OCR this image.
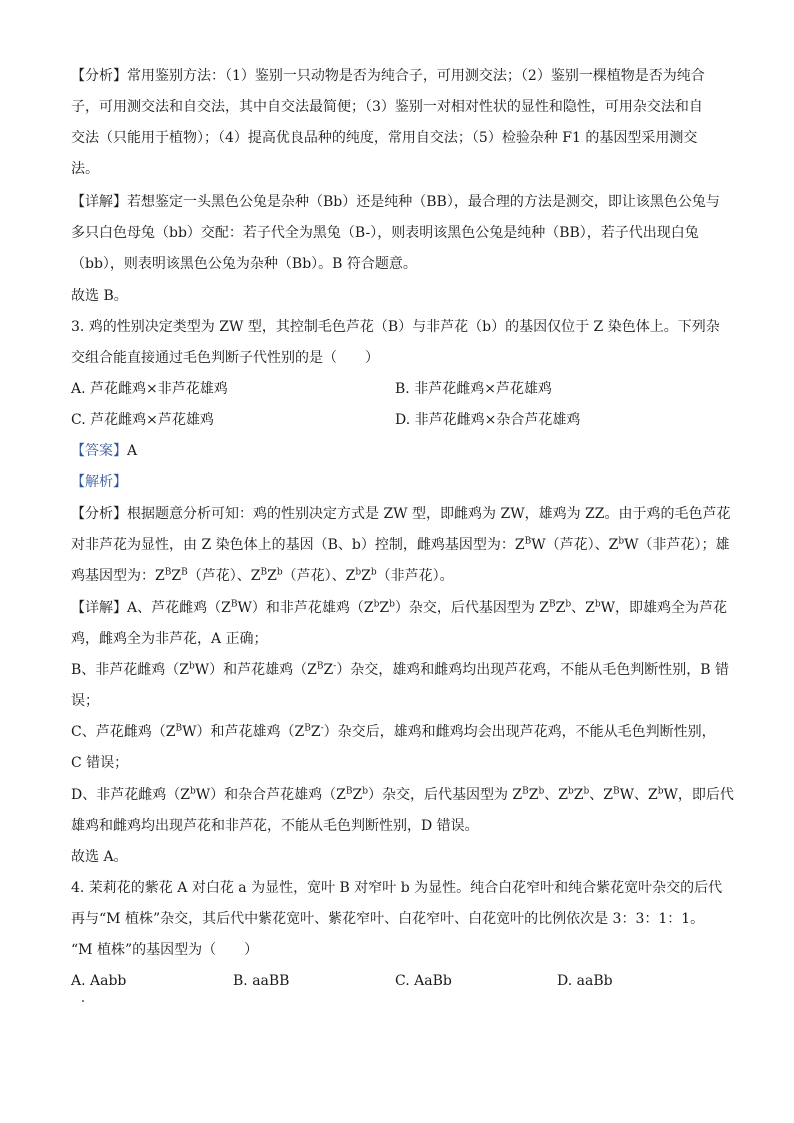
【分析】常用鉴别方法：（1）鉴别一只动物是否为纯合子，可用测交法；（2）鉴别一棵植物是否为纯合
子，可用测交法和自交法，其中自交法最简便；（3）鉴别一对相对性状的显性和隐性，可用杂交法和自
交法（只能用于植物）；（4）提高优良品种的纯度，常用自交法；（5）检验杂种 F1 的基因型采用测交
法。
【详解】若想鉴定一头黑色公兔是杂种（Bb）还是纯种（BB），最合理的方法是测交，即让该黑色公兔与
多只白色母兔（bb）交配：若子代全为黑兔（B-），则表明该黑色公兔是纯种（BB），若子代出现白兔
（bb），则表明该黑色公兔为杂种（Bb）。B 符合题意。
故选 B。
3. 鸡的性别决定类型为 ZW 型，其控制毛色芦花（B）与非芦花（b）的基因仅位于 Z 染色体上。下列杂
交组合能直接通过毛色判断子代性别的是（　　）
A. 芦花雌鸡×非芦花雄鸡	B. 非芦花雌鸡×芦花雄鸡
C. 芦花雌鸡×芦花雄鸡	D. 非芦花雌鸡×杂合芦花雄鸡
【答案】A
【解析】
【分析】根据题意分析可知：鸡的性别决定方式是 ZW 型，即雌鸡为 ZW，雄鸡为 ZZ。由于鸡的毛色芦花
对非芦花为显性，由 Z 染色体上的基因（B、b）控制，雌鸡基因型为：$Z^BW$（芦花）、$Z^bW$（非芦花）；雄
鸡基因型为：$Z^BZ^B$（芦花）、$Z^BZ^b$（芦花）、$Z^bZ^b$（非芦花）。
【详解】A、芦花雌鸡$(Z^BW)$和非芦花雄鸡$(Z^bZ^b)$杂交，后代基因型为 $Z^BZ^b$、$Z^bW$，即雄鸡全为芦花
鸡，雌鸡全为非芦花，A 正确；
B、非芦花雌鸡$(Z^bW)$和芦花雄鸡$(Z^BZ^-)$杂交，雄鸡和雌鸡均出现芦花鸡，不能从毛色判断性别，B 错
误；
C、芦花雌鸡$(Z^BW)$和芦花雄鸡$(Z^BZ^-)$杂交后，雄鸡和雌鸡均会出现芦花鸡，不能从毛色判断性别，
C 错误；
D、非芦花雌鸡$(Z^bW)$和杂合芦花雄鸡$(Z^BZ^b)$杂交，后代基因型为 $Z^BZ^b$、$Z^bZ^b$、$Z^BW$、$Z^bW$，即后代
雄鸡和雌鸡均出现芦花和非芦花，不能从毛色判断性别，D 错误。
故选 A。
4. 茉莉花的紫花 A 对白花 a 为显性，宽叶 B 对窄叶 b 为显性。纯合白花窄叶和纯合紫花宽叶杂交的后代
再与“M 植株”杂交，其后代中紫花宽叶、紫花窄叶、白花窄叶、白花宽叶的比例依次是 3：3：1：1。
“M 植株”的基因型为（　　）
A. Aabb	B. aaBB	C. AaBb	D. aaBb
